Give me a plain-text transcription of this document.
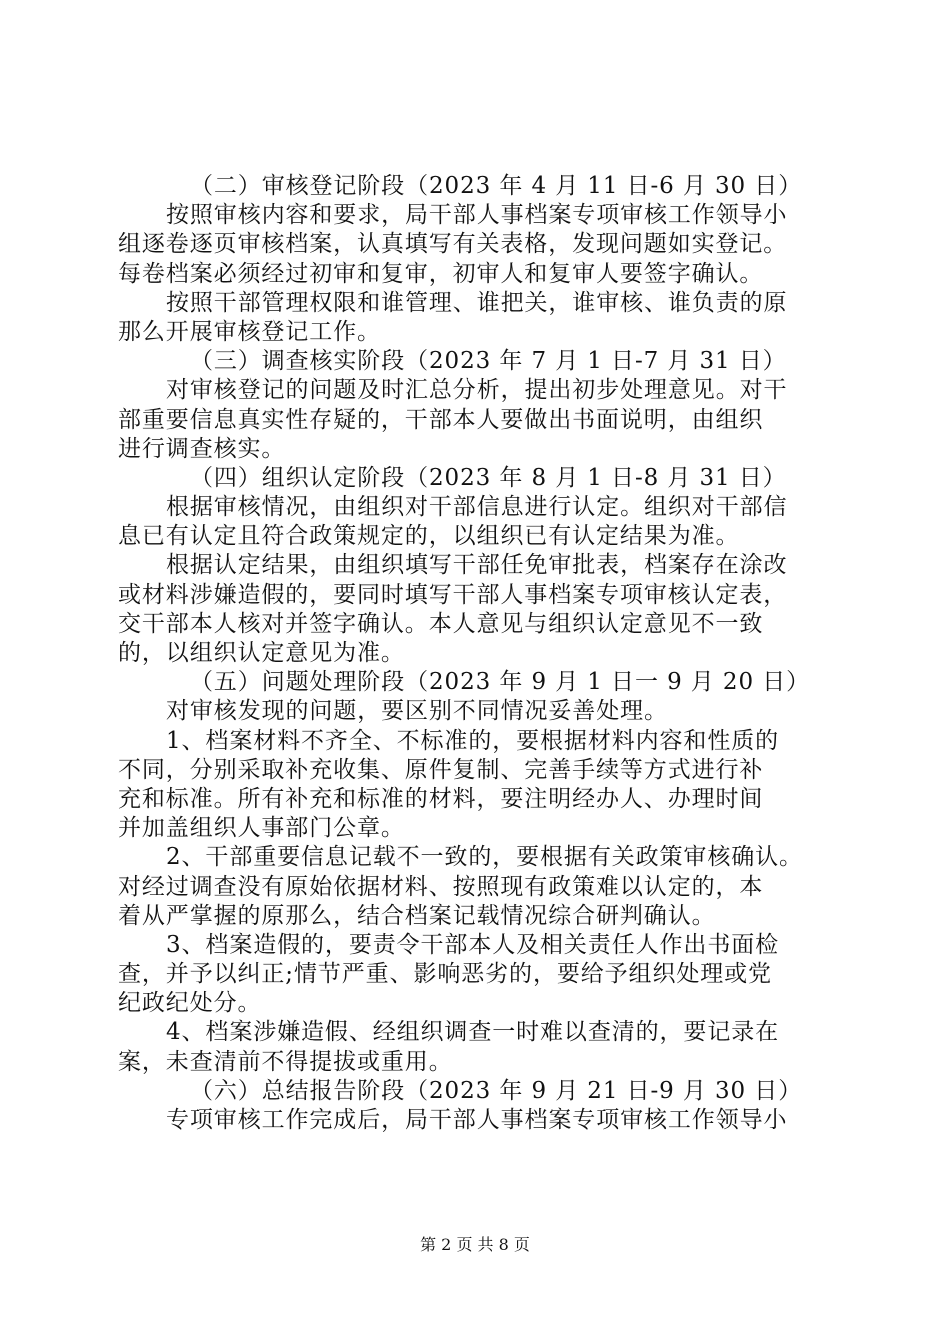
（二）审核登记阶段（2023 年 4 月 11 日-6 月 30 日）
按照审核内容和要求，局干部人事档案专项审核工作领导小
组逐卷逐页审核档案，认真填写有关表格，发现问题如实登记。
每卷档案必须经过初审和复审，初审人和复审人要签字确认。
按照干部管理权限和谁管理、谁把关，谁审核、谁负责的原
那么开展审核登记工作。
（三）调查核实阶段（2023 年 7 月 1 日-7 月 31 日）
对审核登记的问题及时汇总分析，提出初步处理意见。对干
部重要信息真实性存疑的，干部本人要做出书面说明，由组织
进行调查核实。
（四）组织认定阶段（2023 年 8 月 1 日-8 月 31 日）
根据审核情况，由组织对干部信息进行认定。组织对干部信
息已有认定且符合政策规定的，以组织已有认定结果为准。
根据认定结果，由组织填写干部任免审批表，档案存在涂改
或材料涉嫌造假的，要同时填写干部人事档案专项审核认定表，
交干部本人核对并签字确认。本人意见与组织认定意见不一致
的，以组织认定意见为准。
（五）问题处理阶段（2023 年 9 月 1 日一 9 月 20 日）
对审核发现的问题，要区别不同情况妥善处理。
1、档案材料不齐全、不标准的，要根据材料内容和性质的
不同，分别采取补充收集、原件复制、完善手续等方式进行补
充和标准。所有补充和标准的材料，要注明经办人、办理时间
并加盖组织人事部门公章。
2、干部重要信息记载不一致的，要根据有关政策审核确认。
对经过调查没有原始依据材料、按照现有政策难以认定的，本
着从严掌握的原那么，结合档案记载情况综合研判确认。
3、档案造假的，要责令干部本人及相关责任人作出书面检
查，并予以纠正;情节严重、影响恶劣的，要给予组织处理或党
纪政纪处分。
4、档案涉嫌造假、经组织调查一时难以查清的，要记录在
案，未查清前不得提拔或重用。
（六）总结报告阶段（2023 年 9 月 21 日-9 月 30 日）
专项审核工作完成后，局干部人事档案专项审核工作领导小
第 2 页 共 8 页
